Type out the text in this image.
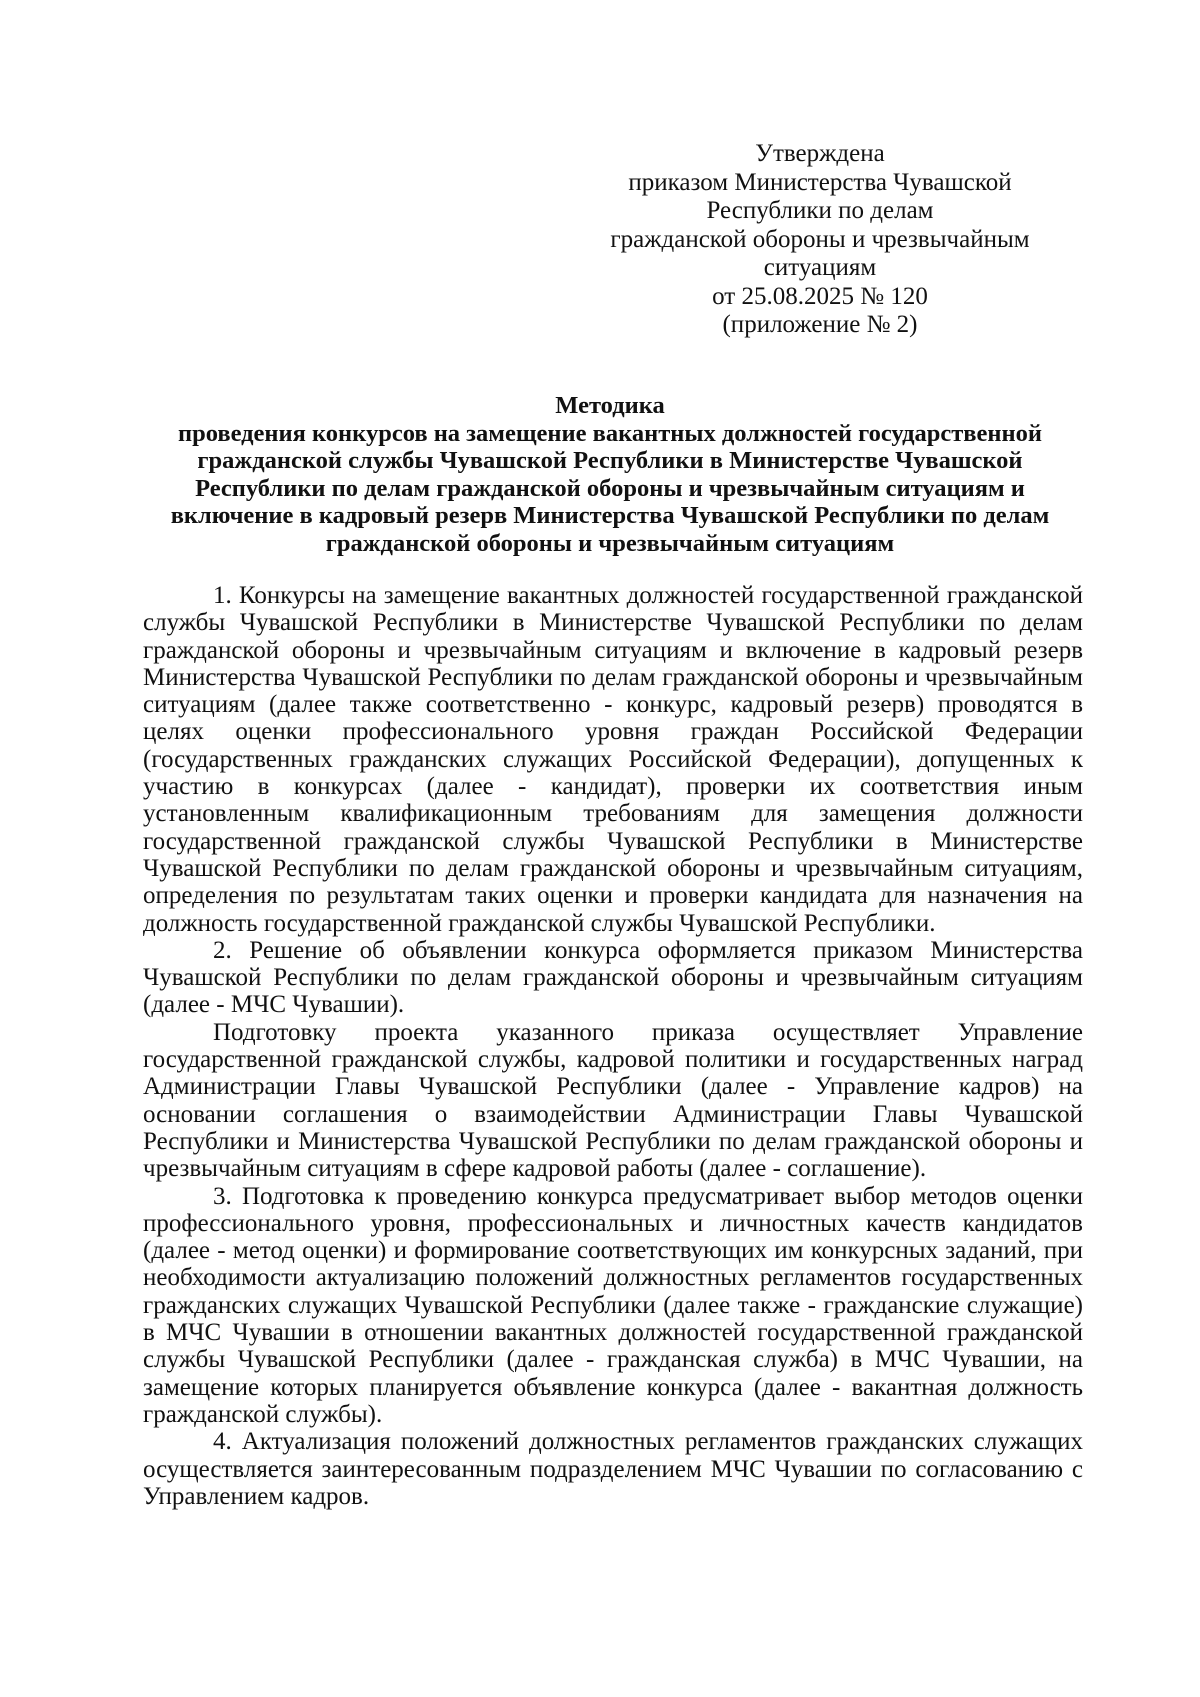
Утверждена
приказом Министерства Чувашской
Республики по делам
гражданской обороны и чрезвычайным
ситуациям
от 25.08.2025 № 120
(приложение № 2)
Методика
проведения конкурсов на замещение вакантных должностей государственной гражданской службы Чувашской Республики в Министерстве Чувашской Республики по делам гражданской обороны и чрезвычайным ситуациям и включение в кадровый резерв Министерства Чувашской Республики по делам гражданской обороны и чрезвычайным ситуациям

1. Конкурсы на замещение вакантных должностей государственной гражданской службы Чувашской Республики в Министерстве Чувашской Республики по делам гражданской обороны и чрезвычайным ситуациям и включение в кадровый резерв Министерства Чувашской Республики по делам гражданской обороны и чрезвычайным ситуациям (далее также соответственно - конкурс, кадровый резерв) проводятся в целях оценки профессионального уровня граждан Российской Федерации (государственных гражданских служащих Российской Федерации), допущенных к участию в конкурсах (далее - кандидат), проверки их соответствия иным установленным квалификационным требованиям для замещения должности государственной гражданской службы Чувашской Республики в Министерстве Чувашской Республики по делам гражданской обороны и чрезвычайным ситуациям, определения по результатам таких оценки и проверки кандидата для назначения на должность государственной гражданской службы Чувашской Республики.

2. Решение об объявлении конкурса оформляется приказом Министерства Чувашской Республики по делам гражданской обороны и чрезвычайным ситуациям (далее - МЧС Чувашии).

Подготовку проекта указанного приказа осуществляет Управление государственной гражданской службы, кадровой политики и государственных наград Администрации Главы Чувашской Республики (далее - Управление кадров) на основании соглашения о взаимодействии Администрации Главы Чувашской Республики и Министерства Чувашской Республики по делам гражданской обороны и чрезвычайным ситуациям в сфере кадровой работы (далее - соглашение).

3. Подготовка к проведению конкурса предусматривает выбор методов оценки профессионального уровня, профессиональных и личностных качеств кандидатов (далее - метод оценки) и формирование соответствующих им конкурсных заданий, при необходимости актуализацию положений должностных регламентов государственных гражданских служащих Чувашской Республики (далее также - гражданские служащие) в МЧС Чувашии в отношении вакантных должностей государственной гражданской службы Чувашской Республики (далее - гражданская служба) в МЧС Чувашии, на замещение которых планируется объявление конкурса (далее - вакантная должность гражданской службы).

4. Актуализация положений должностных регламентов гражданских служащих осуществляется заинтересованным подразделением МЧС Чувашии по согласованию с Управлением кадров.
